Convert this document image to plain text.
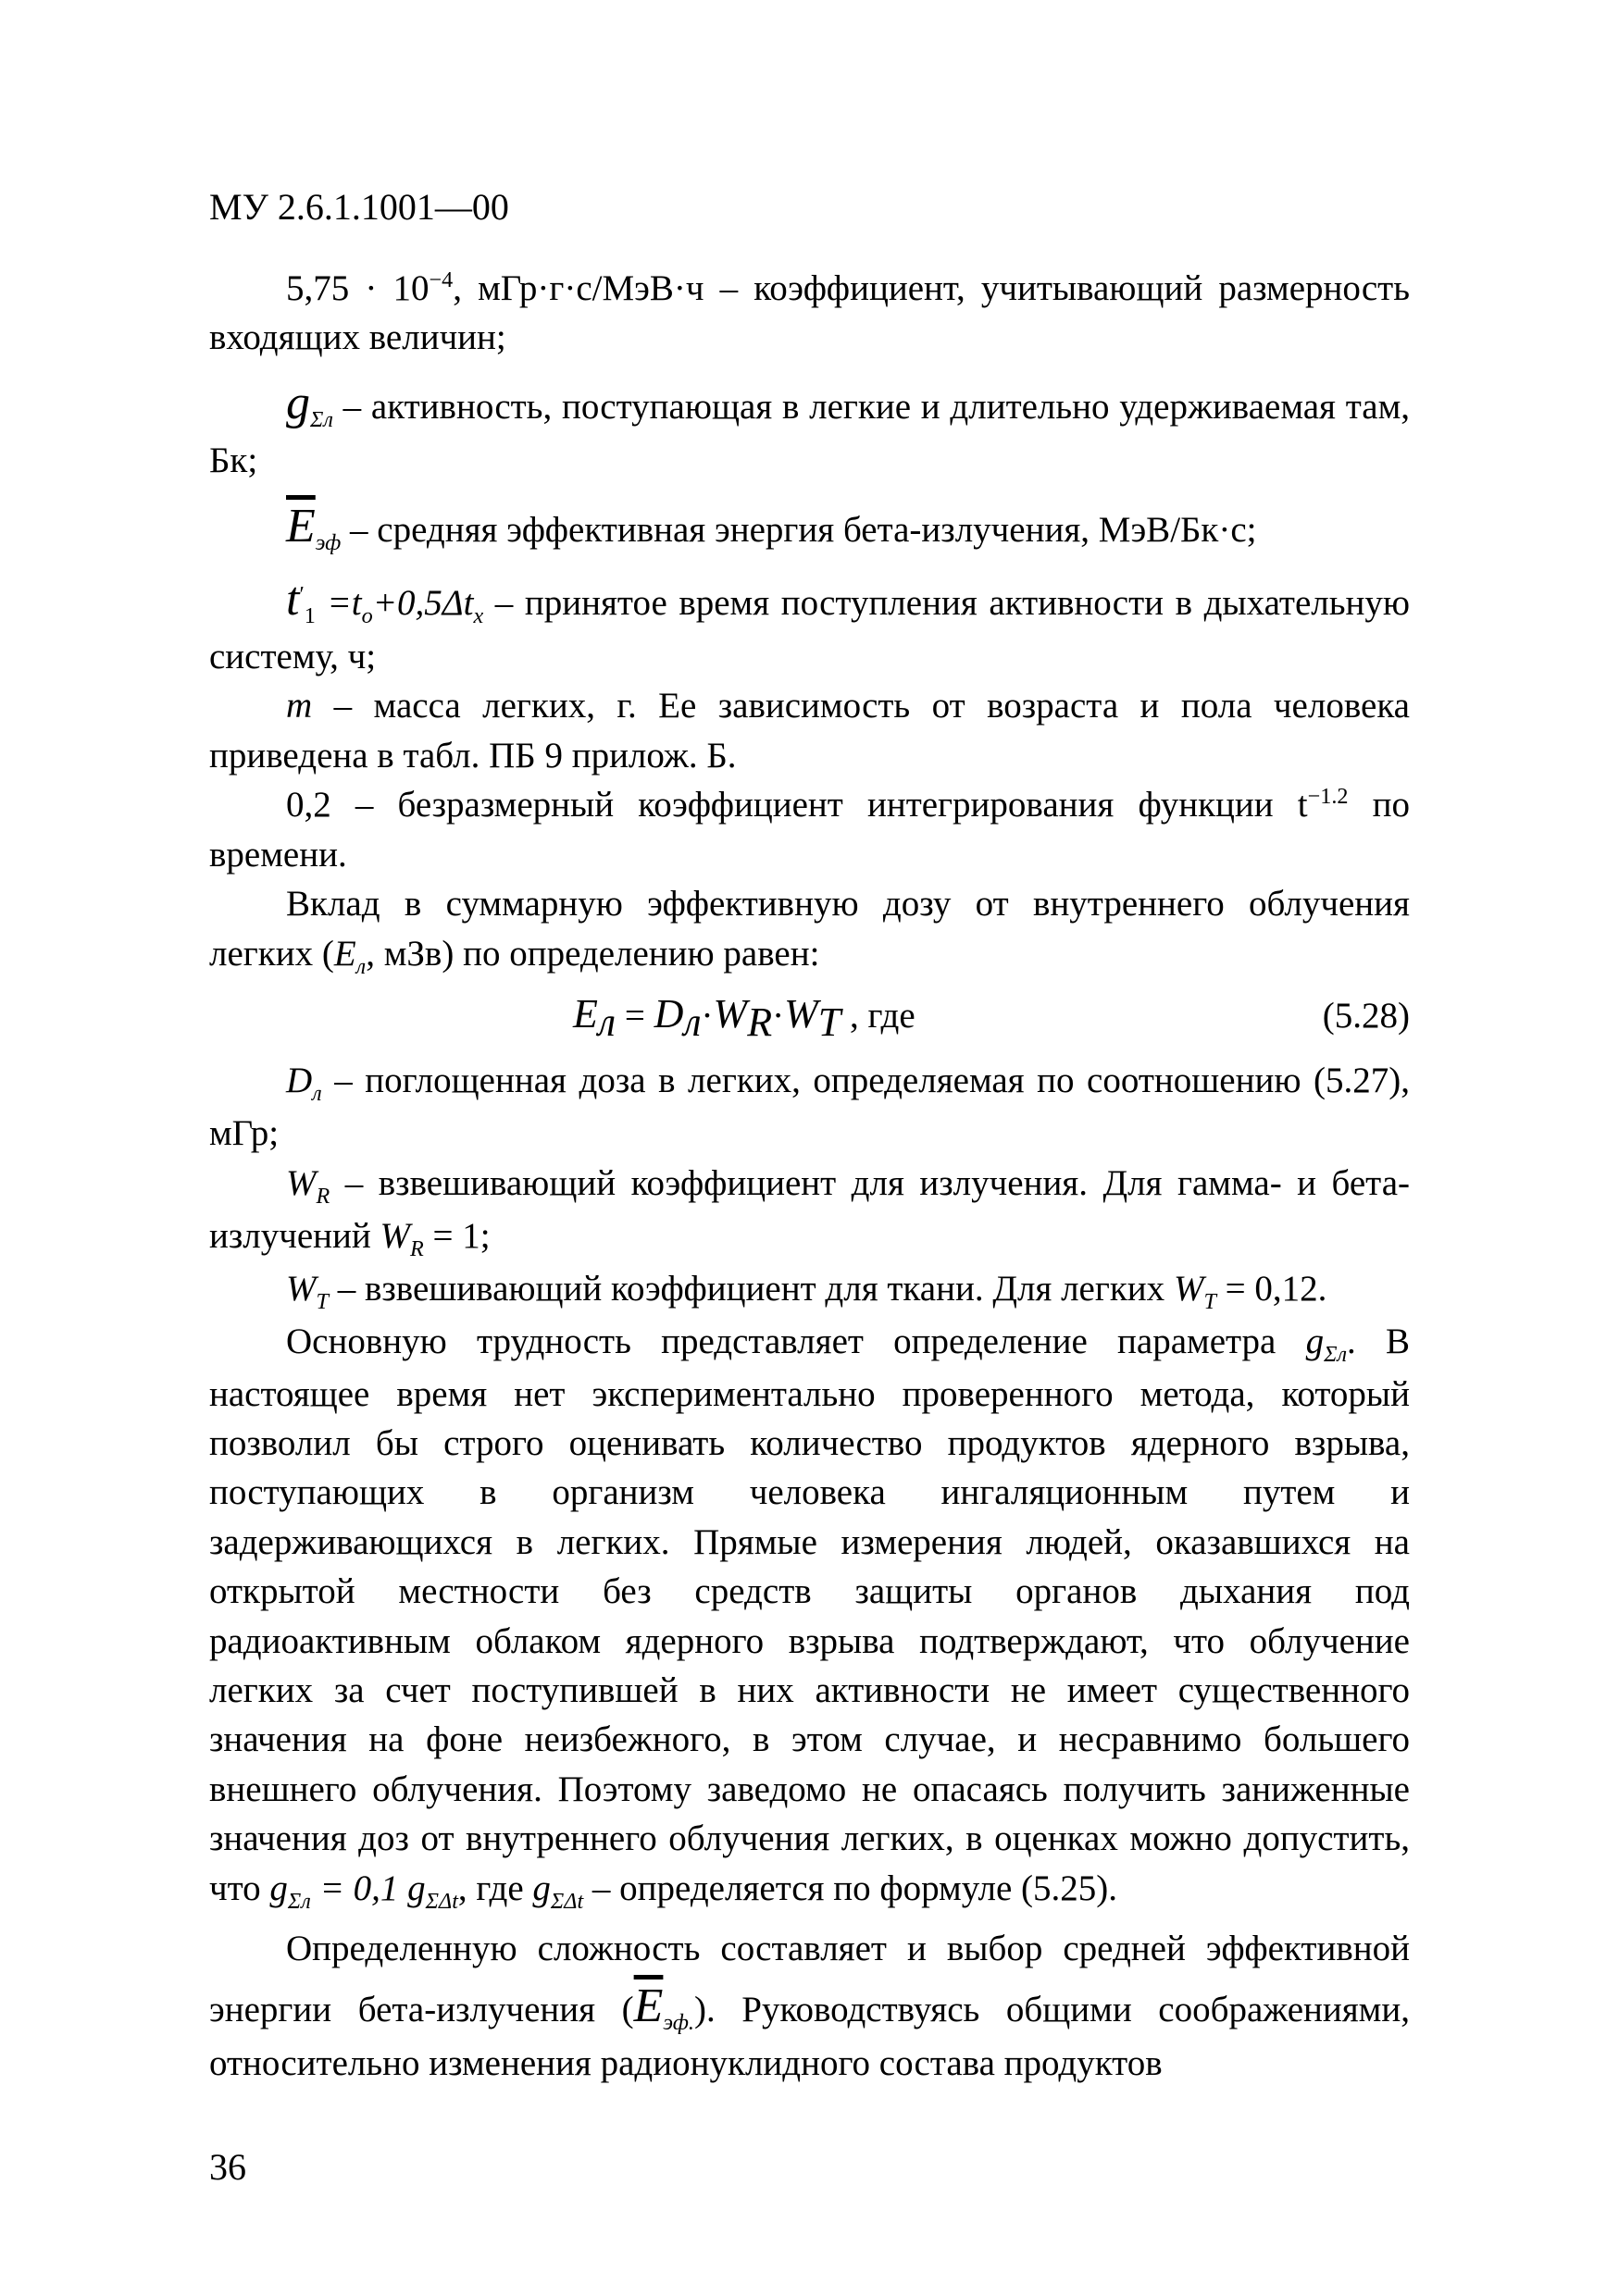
МУ 2.6.1.1001—00

$5,75 \cdot 10^{-4}$, мГр·г·с/МэВ·ч – коэффициент, учитывающий размерность входящих величин;

$g_{\Sigma л}$ – активность, поступающая в легкие и длительно удерживаемая там, Бк;

$\overline{E}_{эф}$ – средняя эффективная энергия бета-излучения, МэВ/Бк·с;

$t'_1 =t_o+0,5\Delta t_x$ – принятое время поступления активности в дыхательную систему, ч;

m – масса легких, г. Ее зависимость от возраста и пола человека приведена в табл. ПБ 9 прилож. Б.

0,2 – безразмерный коэффициент интегрирования функции $t^{-1.2}$ по времени.

Вклад в суммарную эффективную дозу от внутреннего облучения легких ($E_л$, мЗв) по определению равен:

$E_л = D_л\cdot W_R\cdot W_T$ , где	(5.28)

$D_л$ – поглощенная доза в легких, определяемая по соотношению (5.27), мГр;

$W_R$ – взвешивающий коэффициент для излучения. Для гамма- и бета-излучений $W_R = 1$;

$W_T$ – взвешивающий коэффициент для ткани. Для легких $W_T = 0,12$.

Основную трудность представляет определение параметра $g_{\Sigma л}$. В настоящее время нет экспериментально проверенного метода, который позволил бы строго оценивать количество продуктов ядерного взрыва, поступающих в организм человека ингаляционным путем и задерживающихся в легких. Прямые измерения людей, оказавшихся на открытой местности без средств защиты органов дыхания под радиоактивным облаком ядерного взрыва подтверждают, что облучение легких за счет поступившей в них активности не имеет существенного значения на фоне неизбежного, в этом случае, и несравнимо большего внешнего облучения. Поэтому заведомо не опасаясь получить заниженные значения доз от внутреннего облучения легких, в оценках можно допустить, что $g_{\Sigma л} = 0,1$ $g_{\Sigma\Delta t}$, где $g_{\Sigma\Delta t}$ – определяется по формуле (5.25).

Определенную сложность составляет и выбор средней эффективной энергии бета-излучения $(\overline{E}_{эф.})$. Руководствуясь общими соображениями, относительно изменения радионуклидного состава продуктов

36
